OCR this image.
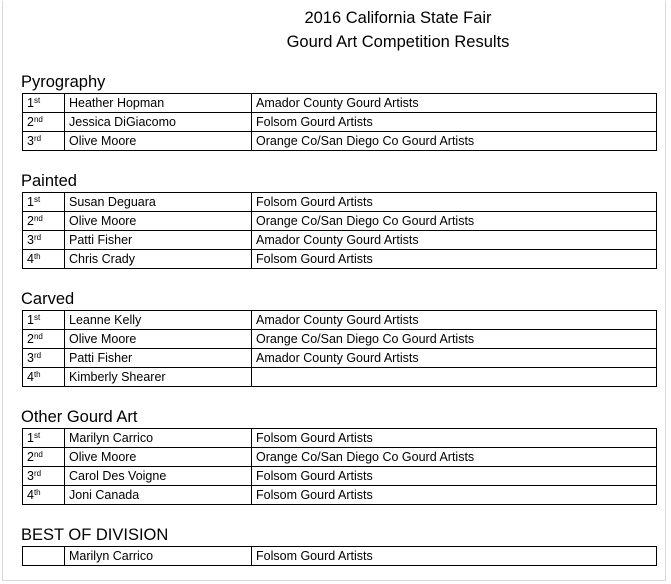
2016 California State Fair
Gourd Art Competition Results
Pyrography
1st	Heather Hopman	Amador County Gourd Artists
2nd	Jessica DiGiacomo	Folsom Gourd Artists
3rd	Olive Moore	Orange Co/San Diego Co Gourd Artists
Painted
1st	Susan Deguara	Folsom Gourd Artists
2nd	Olive Moore	Orange Co/San Diego Co Gourd Artists
3rd	Patti Fisher	Amador County Gourd Artists
4th	Chris Crady	Folsom Gourd Artists
Carved
1st	Leanne Kelly	Amador County Gourd Artists
2nd	Olive Moore	Orange Co/San Diego Co Gourd Artists
3rd	Patti Fisher	Amador County Gourd Artists
4th	Kimberly Shearer	
Other Gourd Art
1st	Marilyn Carrico	Folsom Gourd Artists
2nd	Olive Moore	Orange Co/San Diego Co Gourd Artists
3rd	Carol Des Voigne	Folsom Gourd Artists
4th	Joni Canada	Folsom Gourd Artists
BEST OF DIVISION
	Marilyn Carrico	Folsom Gourd Artists
